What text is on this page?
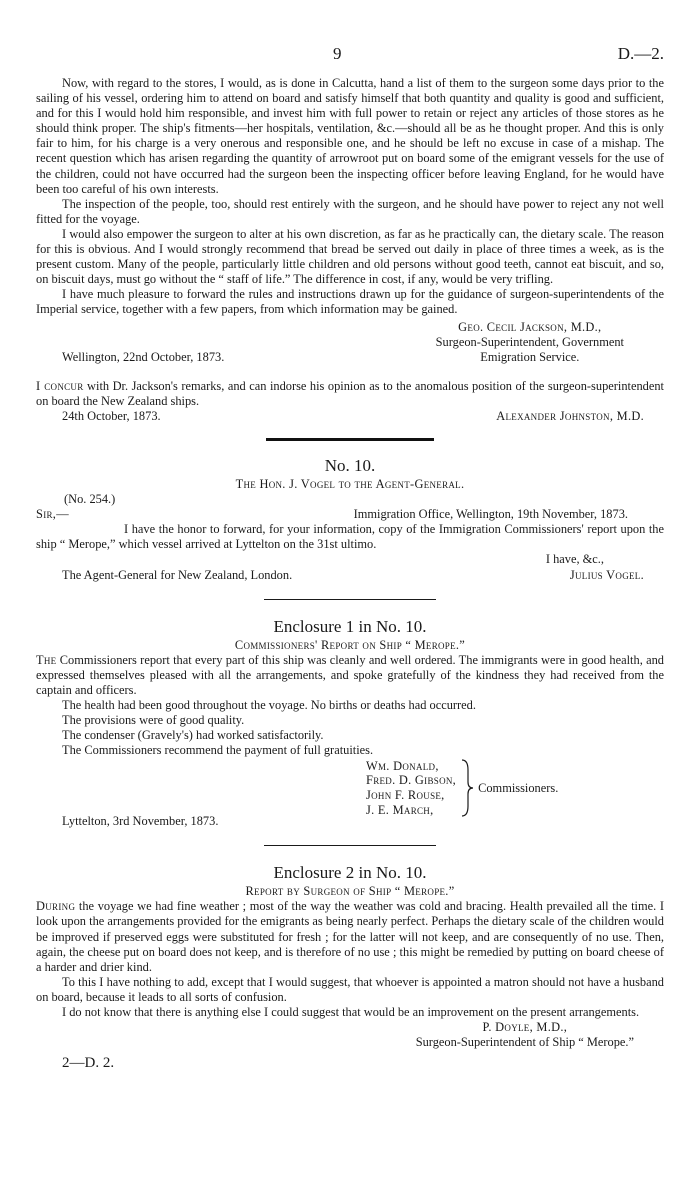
9	D.—2.

Now, with regard to the stores, I would, as is done in Calcutta, hand a list of them to the surgeon some days prior to the sailing of his vessel, ordering him to attend on board and satisfy himself that both quantity and quality is good and sufficient, and for this I would hold him responsible, and invest him with full power to retain or reject any articles of those stores as he should think proper. The ship's fitments—her hospitals, ventilation, &c.—should all be as he thought proper. And this is only fair to him, for his charge is a very onerous and responsible one, and he should be left no excuse in case of a mishap. The recent question which has arisen regarding the quantity of arrowroot put on board some of the emigrant vessels for the use of the children, could not have occurred had the surgeon been the inspecting officer before leaving England, for he would have been too careful of his own interests.

The inspection of the people, too, should rest entirely with the surgeon, and he should have power to reject any not well fitted for the voyage.

I would also empower the surgeon to alter at his own discretion, as far as he practically can, the dietary scale. The reason for this is obvious. And I would strongly recommend that bread be served out daily in place of three times a week, as is the present custom. Many of the people, particularly little children and old persons without good teeth, cannot eat biscuit, and so, on biscuit days, must go without the “ staff of life.” The difference in cost, if any, would be very trifling.

I have much pleasure to forward the rules and instructions drawn up for the guidance of surgeon-superintendents of the Imperial service, together with a few papers, from which information may be gained.

Wellington, 22nd October, 1873.
Geo. Cecil Jackson, M.D.,
Surgeon-Superintendent, Government
Emigration Service.

I concur with Dr. Jackson's remarks, and can indorse his opinion as to the anomalous position of the surgeon-superintendent on board the New Zealand ships.

24th October, 1873.	Alexander Johnston, M.D.
No. 10.
The Hon. J. Vogel to the Agent-General.
(No. 254.)
Sir,—	Immigration Office, Wellington, 19th November, 1873.

I have the honor to forward, for your information, copy of the Immigration Commissioners' report upon the ship “ Merope,” which vessel arrived at Lyttelton on the 31st ultimo.

I have, &c.,
The Agent-General for New Zealand, London.	Julius Vogel.
Enclosure 1 in No. 10.
Commissioners' Report on Ship “ Merope.”

The Commissioners report that every part of this ship was cleanly and well ordered. The immigrants were in good health, and expressed themselves pleased with all the arrangements, and spoke gratefully of the kindness they had received from the captain and officers.

The health had been good throughout the voyage. No births or deaths had occurred.
The provisions were of good quality.
The condenser (Gravely's) had worked satisfactorily.
The Commissioners recommend the payment of full gratuities.
Wm. Donald,
Fred. D. Gibson,
John F. Rouse,
J. E. March,
Commissioners.
Lyttelton, 3rd November, 1873.
Enclosure 2 in No. 10.
Report by Surgeon of Ship “ Merope.”

During the voyage we had fine weather ; most of the way the weather was cold and bracing. Health prevailed all the time. I look upon the arrangements provided for the emigrants as being nearly perfect. Perhaps the dietary scale of the children would be improved if preserved eggs were substituted for fresh ; for the latter will not keep, and are consequently of no use. Then, again, the cheese put on board does not keep, and is therefore of no use ; this might be remedied by putting on board cheese of a harder and drier kind.

To this I have nothing to add, except that I would suggest, that whoever is appointed a matron should not have a husband on board, because it leads to all sorts of confusion.

I do not know that there is anything else I could suggest that would be an improvement on the present arrangements.

2—D. 2.
P. Doyle, M.D.,
Surgeon-Superintendent of Ship “ Merope.”
